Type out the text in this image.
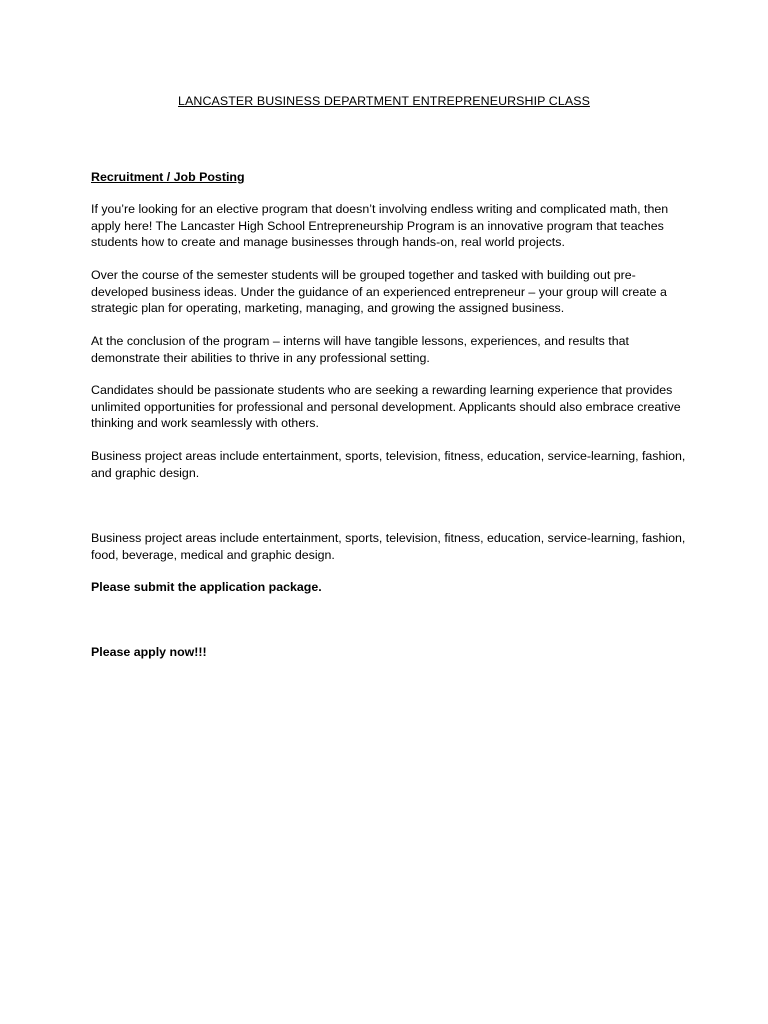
LANCASTER BUSINESS DEPARTMENT ENTREPRENEURSHIP CLASS
Recruitment / Job Posting

If you’re looking for an elective program that doesn’t involving endless writing and complicated math, then apply here! The Lancaster High School Entrepreneurship Program is an innovative program that teaches students how to create and manage businesses through hands-on, real world projects.

Over the course of the semester students will be grouped together and tasked with building out pre-developed business ideas. Under the guidance of an experienced entrepreneur – your group will create a strategic plan for operating, marketing, managing, and growing the assigned business.

At the conclusion of the program – interns will have tangible lessons, experiences, and results that demonstrate their abilities to thrive in any professional setting.

Candidates should be passionate students who are seeking a rewarding learning experience that provides unlimited opportunities for professional and personal development. Applicants should also embrace creative thinking and work seamlessly with others.

Business project areas include entertainment, sports, television, fitness, education, service-learning, fashion, and graphic design.

Business project areas include entertainment, sports, television, fitness, education, service-learning, fashion, food, beverage, medical and graphic design.

Please submit the application package.

Please apply now!!!
